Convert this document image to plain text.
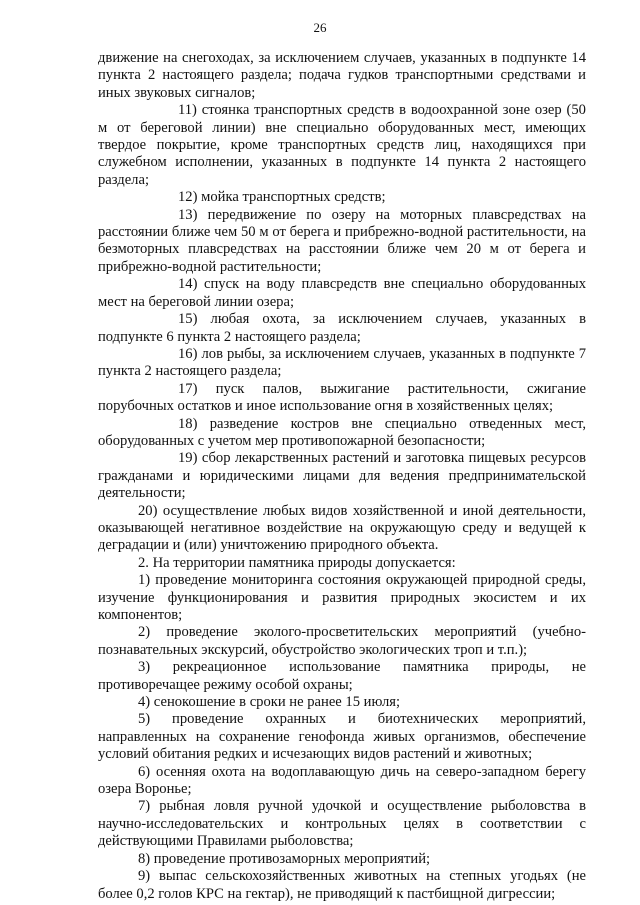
26

движение на снегоходах, за исключением случаев, указанных в подпункте 14 пункта 2 настоящего раздела; подача гудков транспортными средствами и иных звуковых сигналов;

11) стоянка транспортных средств в водоохранной зоне озер (50 м от береговой линии) вне специально оборудованных мест, имеющих твердое покрытие, кроме транспортных средств лиц, находящихся при служебном исполнении, указанных в подпункте 14 пункта 2 настоящего раздела;

12) мойка транспортных средств;

13) передвижение по озеру на моторных плавсредствах на расстоянии ближе чем 50 м от берега и прибрежно-водной растительности, на безмоторных плавсредствах на расстоянии ближе чем 20 м от берега и прибрежно-водной растительности;

14) спуск на воду плавсредств вне специально оборудованных мест на береговой линии озера;

15) любая охота, за исключением случаев, указанных в подпункте 6 пункта 2 настоящего раздела;

16) лов рыбы, за исключением случаев, указанных в подпункте 7 пункта 2 настоящего раздела;

17) пуск палов, выжигание растительности, сжигание порубочных остатков и иное использование огня в хозяйственных целях;

18) разведение костров вне специально отведенных мест, оборудованных с учетом мер противопожарной безопасности;

19) сбор лекарственных растений и заготовка пищевых ресурсов гражданами и юридическими лицами для ведения предпринимательской деятельности;

20) осуществление любых видов хозяйственной и иной деятельности, оказывающей негативное воздействие на окружающую среду и ведущей к деградации и (или) уничтожению природного объекта.

2. На территории памятника природы допускается:

1) проведение мониторинга состояния окружающей природной среды, изучение функционирования и развития природных экосистем и их компонентов;

2) проведение эколого-просветительских мероприятий (учебно-познавательных экскурсий, обустройство экологических троп и т.п.);

3) рекреационное использование памятника природы, не противоречащее режиму особой охраны;

4) сенокошение в сроки не ранее 15 июля;

5) проведение охранных и биотехнических мероприятий, направленных на сохранение генофонда живых организмов, обеспечение условий обитания редких и исчезающих видов растений и животных;

6) осенняя охота на водоплавающую дичь на северо-западном берегу озера Воронье;

7) рыбная ловля ручной удочкой и осуществление рыболовства в научно-исследовательских и контрольных целях в соответствии с действующими Правилами рыболовства;

8) проведение противозаморных мероприятий;

9) выпас сельскохозяйственных животных на степных угодьях (не более 0,2 голов КРС на гектар), не приводящий к пастбищной дигрессии;
